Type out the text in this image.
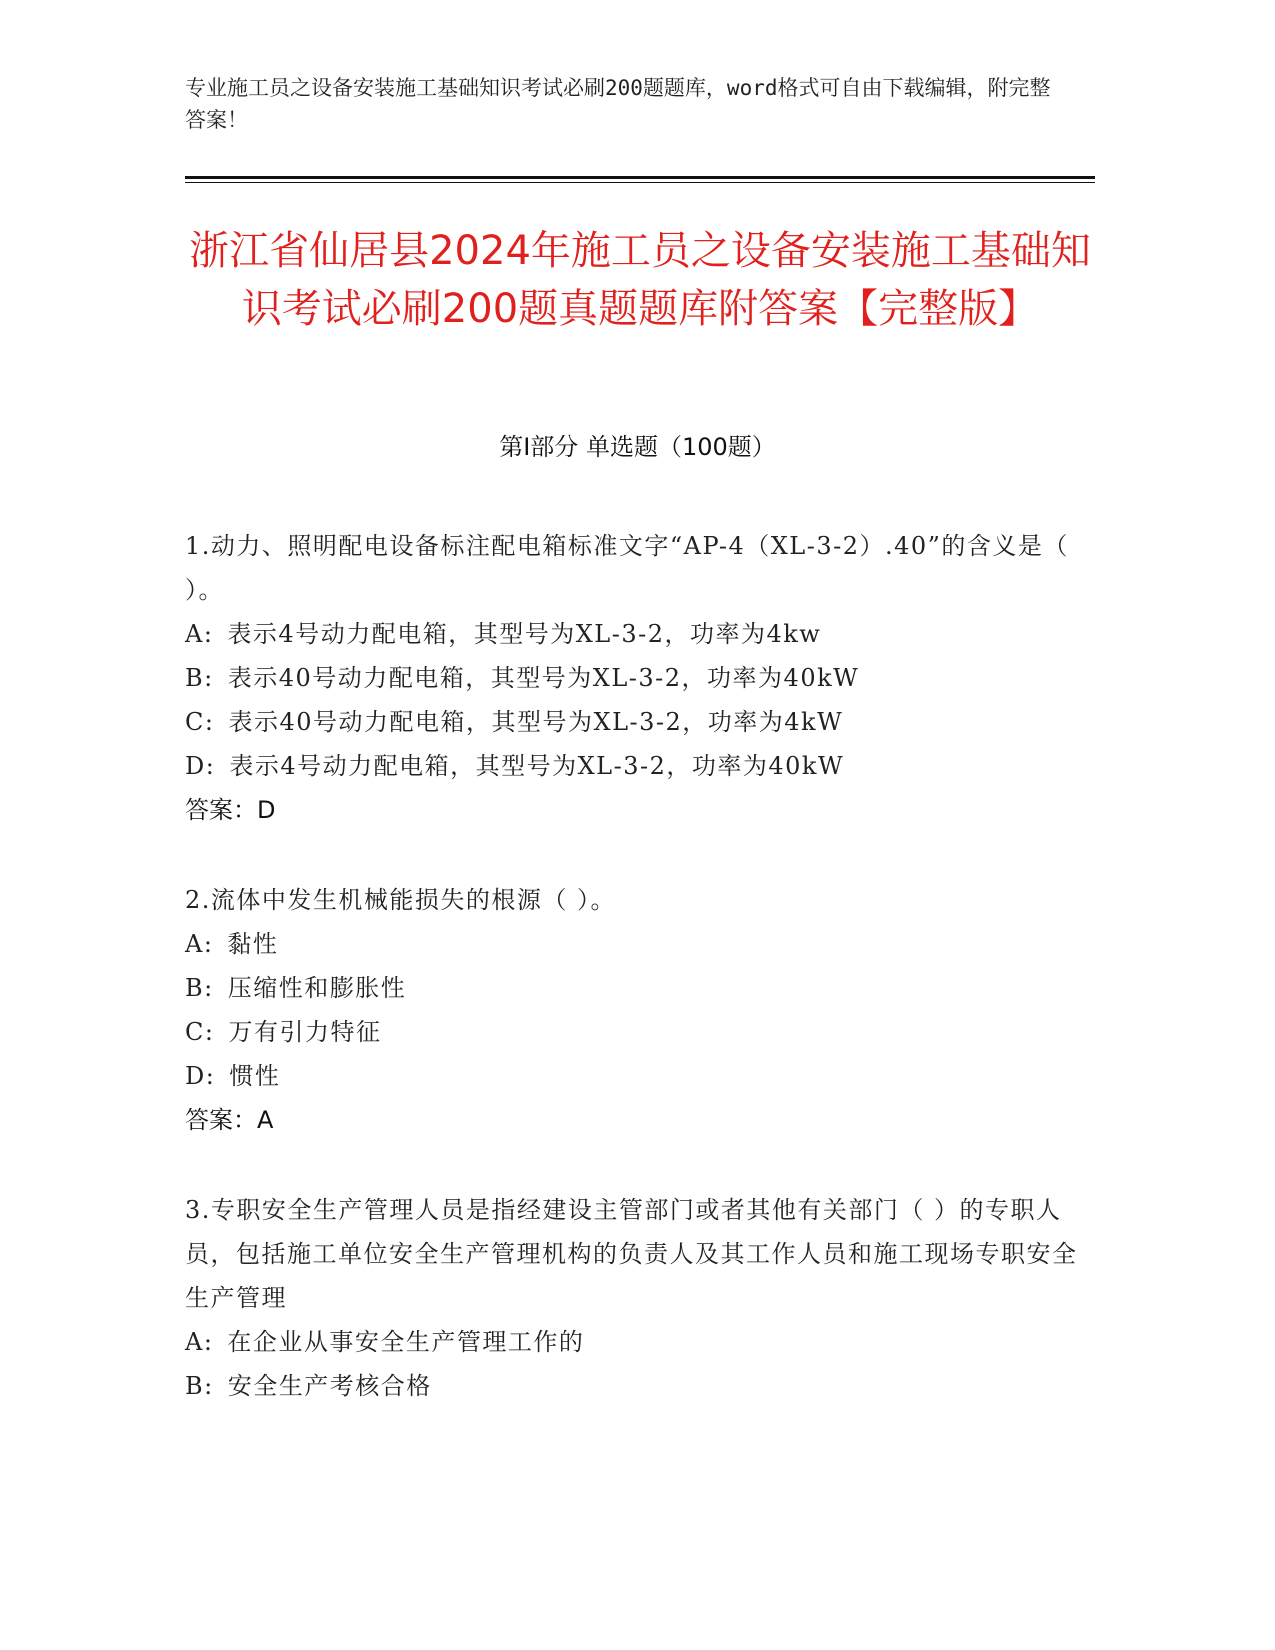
专业施工员之设备安装施工基础知识考试必刷200题题库，word格式可自由下载编辑，附完整答案！
浙江省仙居县2024年施工员之设备安装施工基础知识考试必刷200题真题题库附答案【完整版】
第Ⅰ部分 单选题（100题）
1.动力、照明配电设备标注配电箱标准文字“AP-4（XL-3-2）.40”的含义是（ ）。
A: 表示4号动力配电箱，其型号为XL-3-2，功率为4kw
B: 表示40号动力配电箱，其型号为XL-3-2，功率为40kW
C: 表示40号动力配电箱，其型号为XL-3-2，功率为4kW
D: 表示4号动力配电箱，其型号为XL-3-2，功率为40kW
答案：D
2.流体中发生机械能损失的根源（ ）。
A: 黏性
B: 压缩性和膨胀性
C: 万有引力特征
D: 惯性
答案：A
3.专职安全生产管理人员是指经建设主管部门或者其他有关部门（ ）的专职人员，包括施工单位安全生产管理机构的负责人及其工作人员和施工现场专职安全生产管理
A: 在企业从事安全生产管理工作的
B: 安全生产考核合格
